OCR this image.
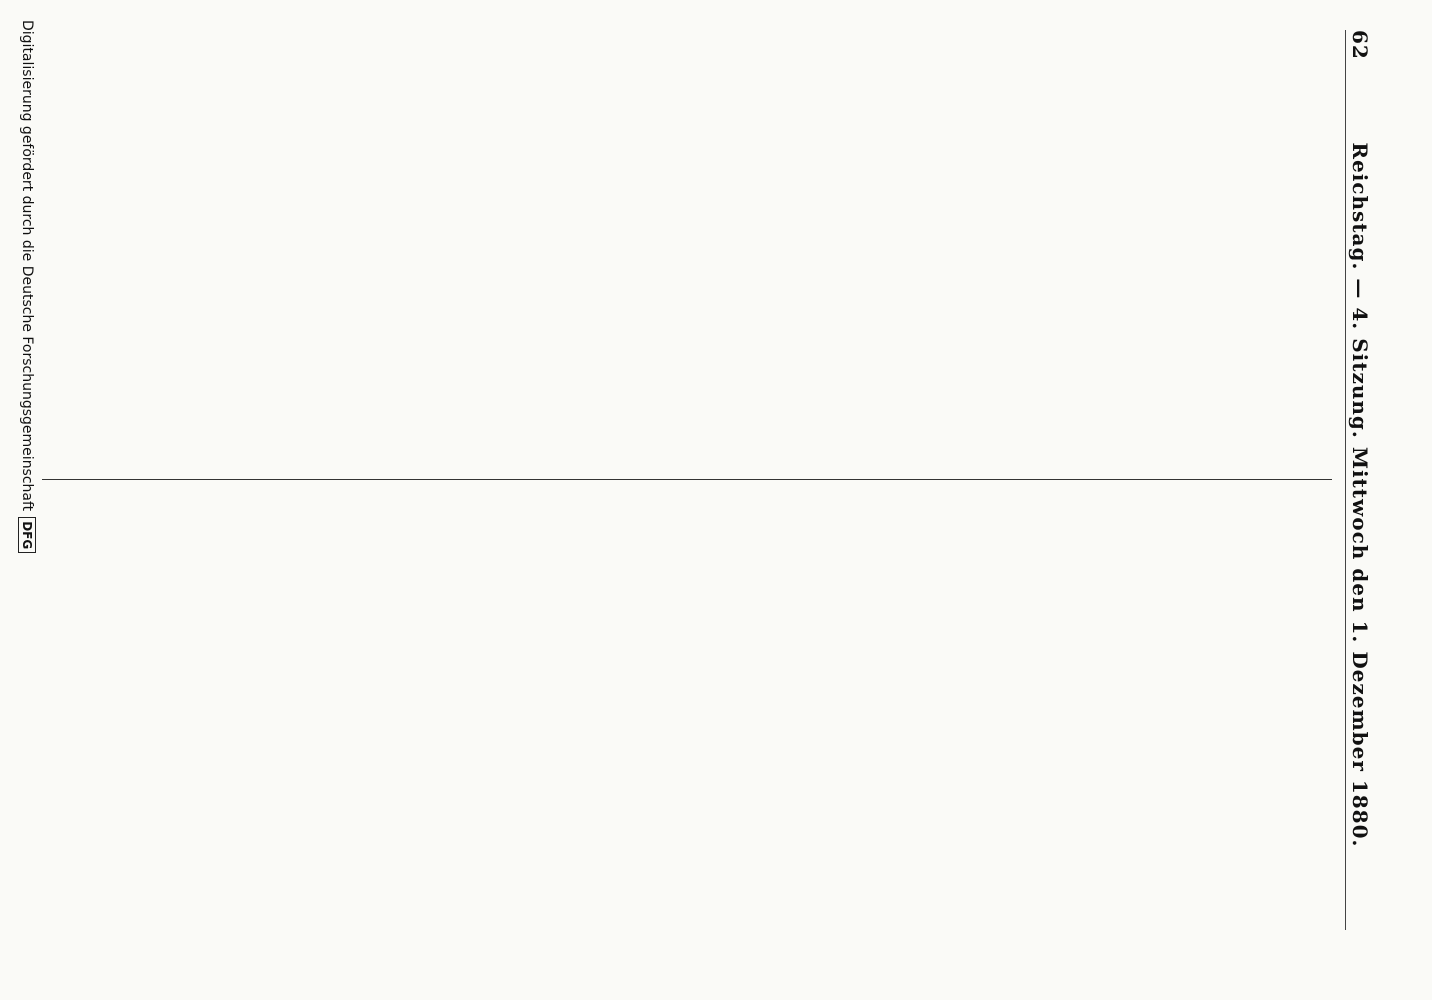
62
Reichstag. — 4. Sitzung. Mittwoch den 1. Dezember 1880.

Digitalisierung gefördert durch die Deutsche Forschungsgemeinschaft
DFG
